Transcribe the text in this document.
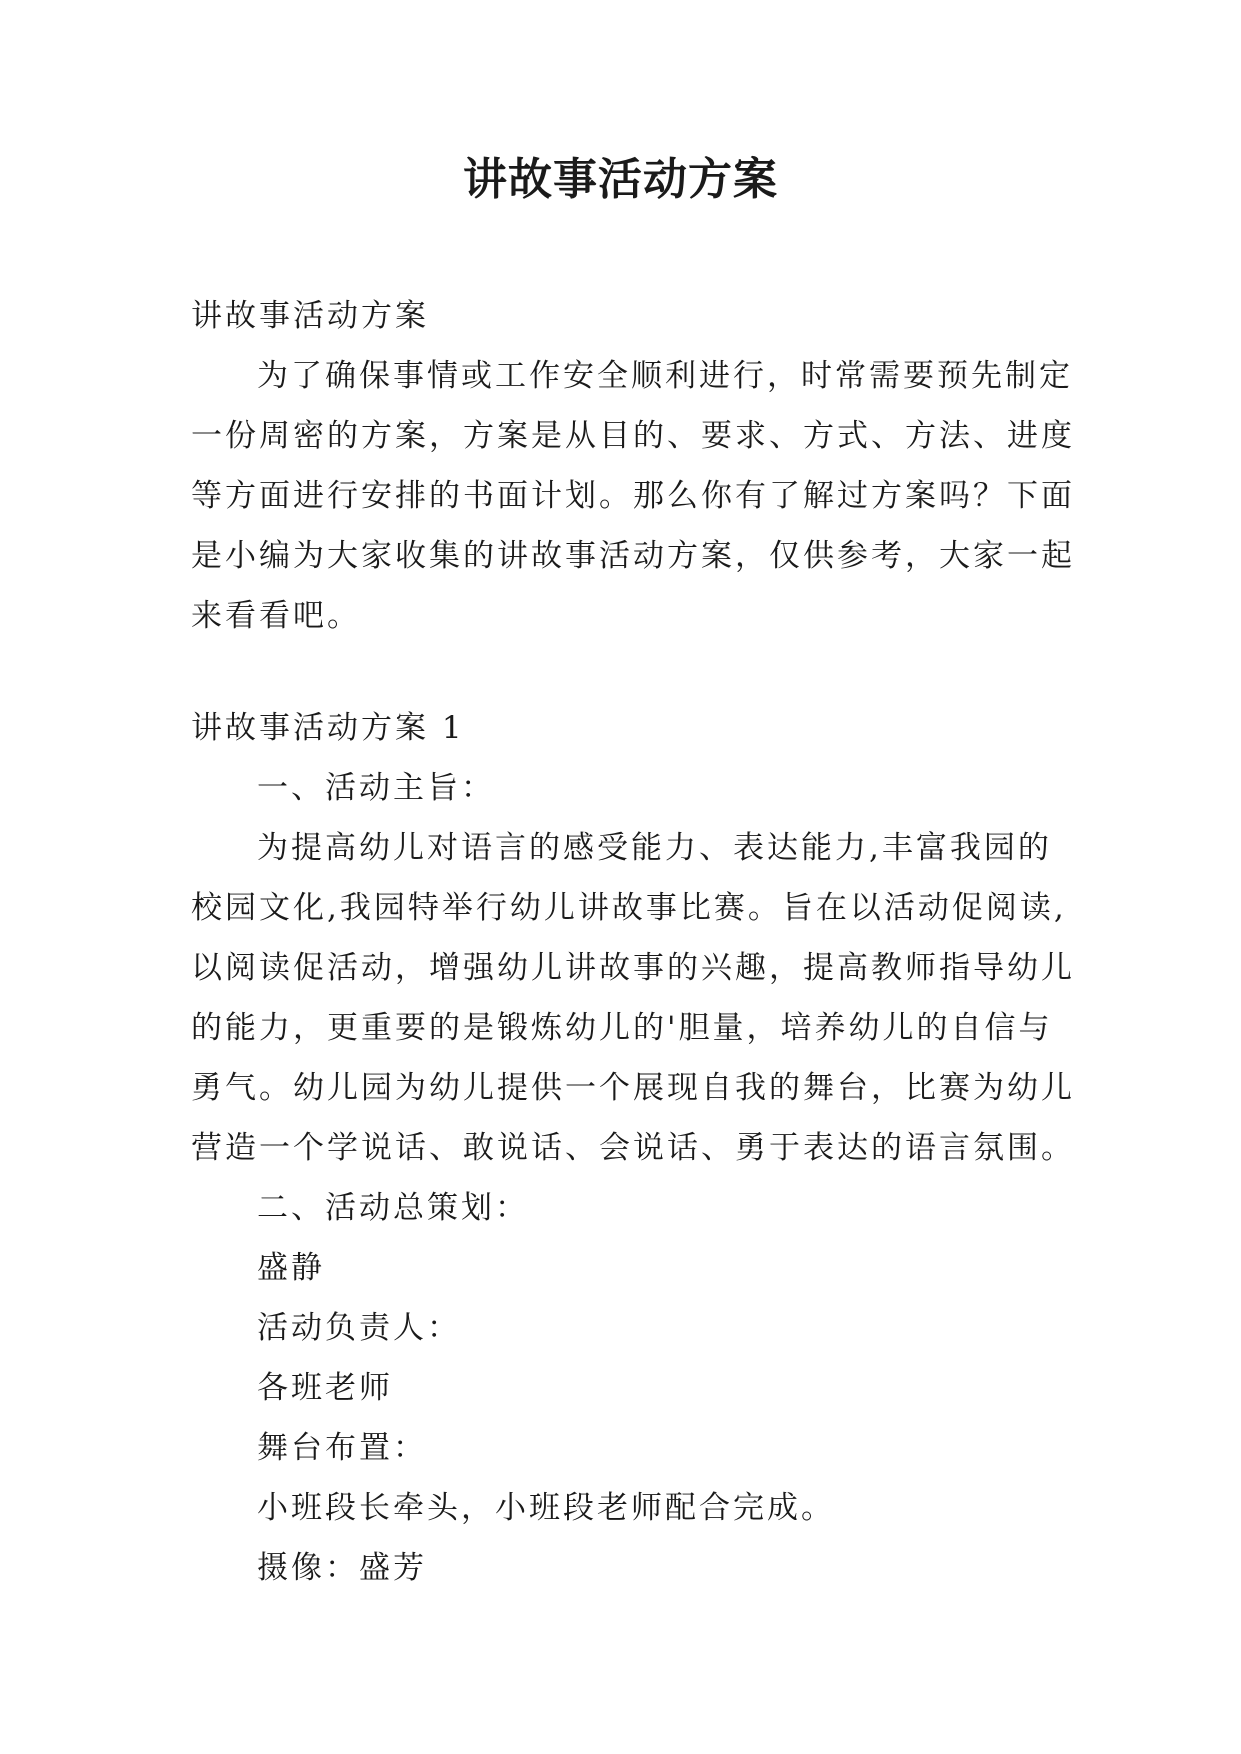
讲故事活动方案
讲故事活动方案
为了确保事情或工作安全顺利进行，时常需要预先制定
一份周密的方案，方案是从目的、要求、方式、方法、进度
等方面进行安排的书面计划。那么你有了解过方案吗？下面
是小编为大家收集的讲故事活动方案，仅供参考，大家一起
来看看吧。
讲故事活动方案 1
一、活动主旨：
为提高幼儿对语言的感受能力、表达能力,丰富我园的
校园文化,我园特举行幼儿讲故事比赛。旨在以活动促阅读,
以阅读促活动，增强幼儿讲故事的兴趣，提高教师指导幼儿
的能力，更重要的是锻炼幼儿的'胆量，培养幼儿的自信与
勇气。幼儿园为幼儿提供一个展现自我的舞台，比赛为幼儿
营造一个学说话、敢说话、会说话、勇于表达的语言氛围。
二、活动总策划：
盛静
活动负责人：
各班老师
舞台布置：
小班段长牵头，小班段老师配合完成。
摄像：盛芳
